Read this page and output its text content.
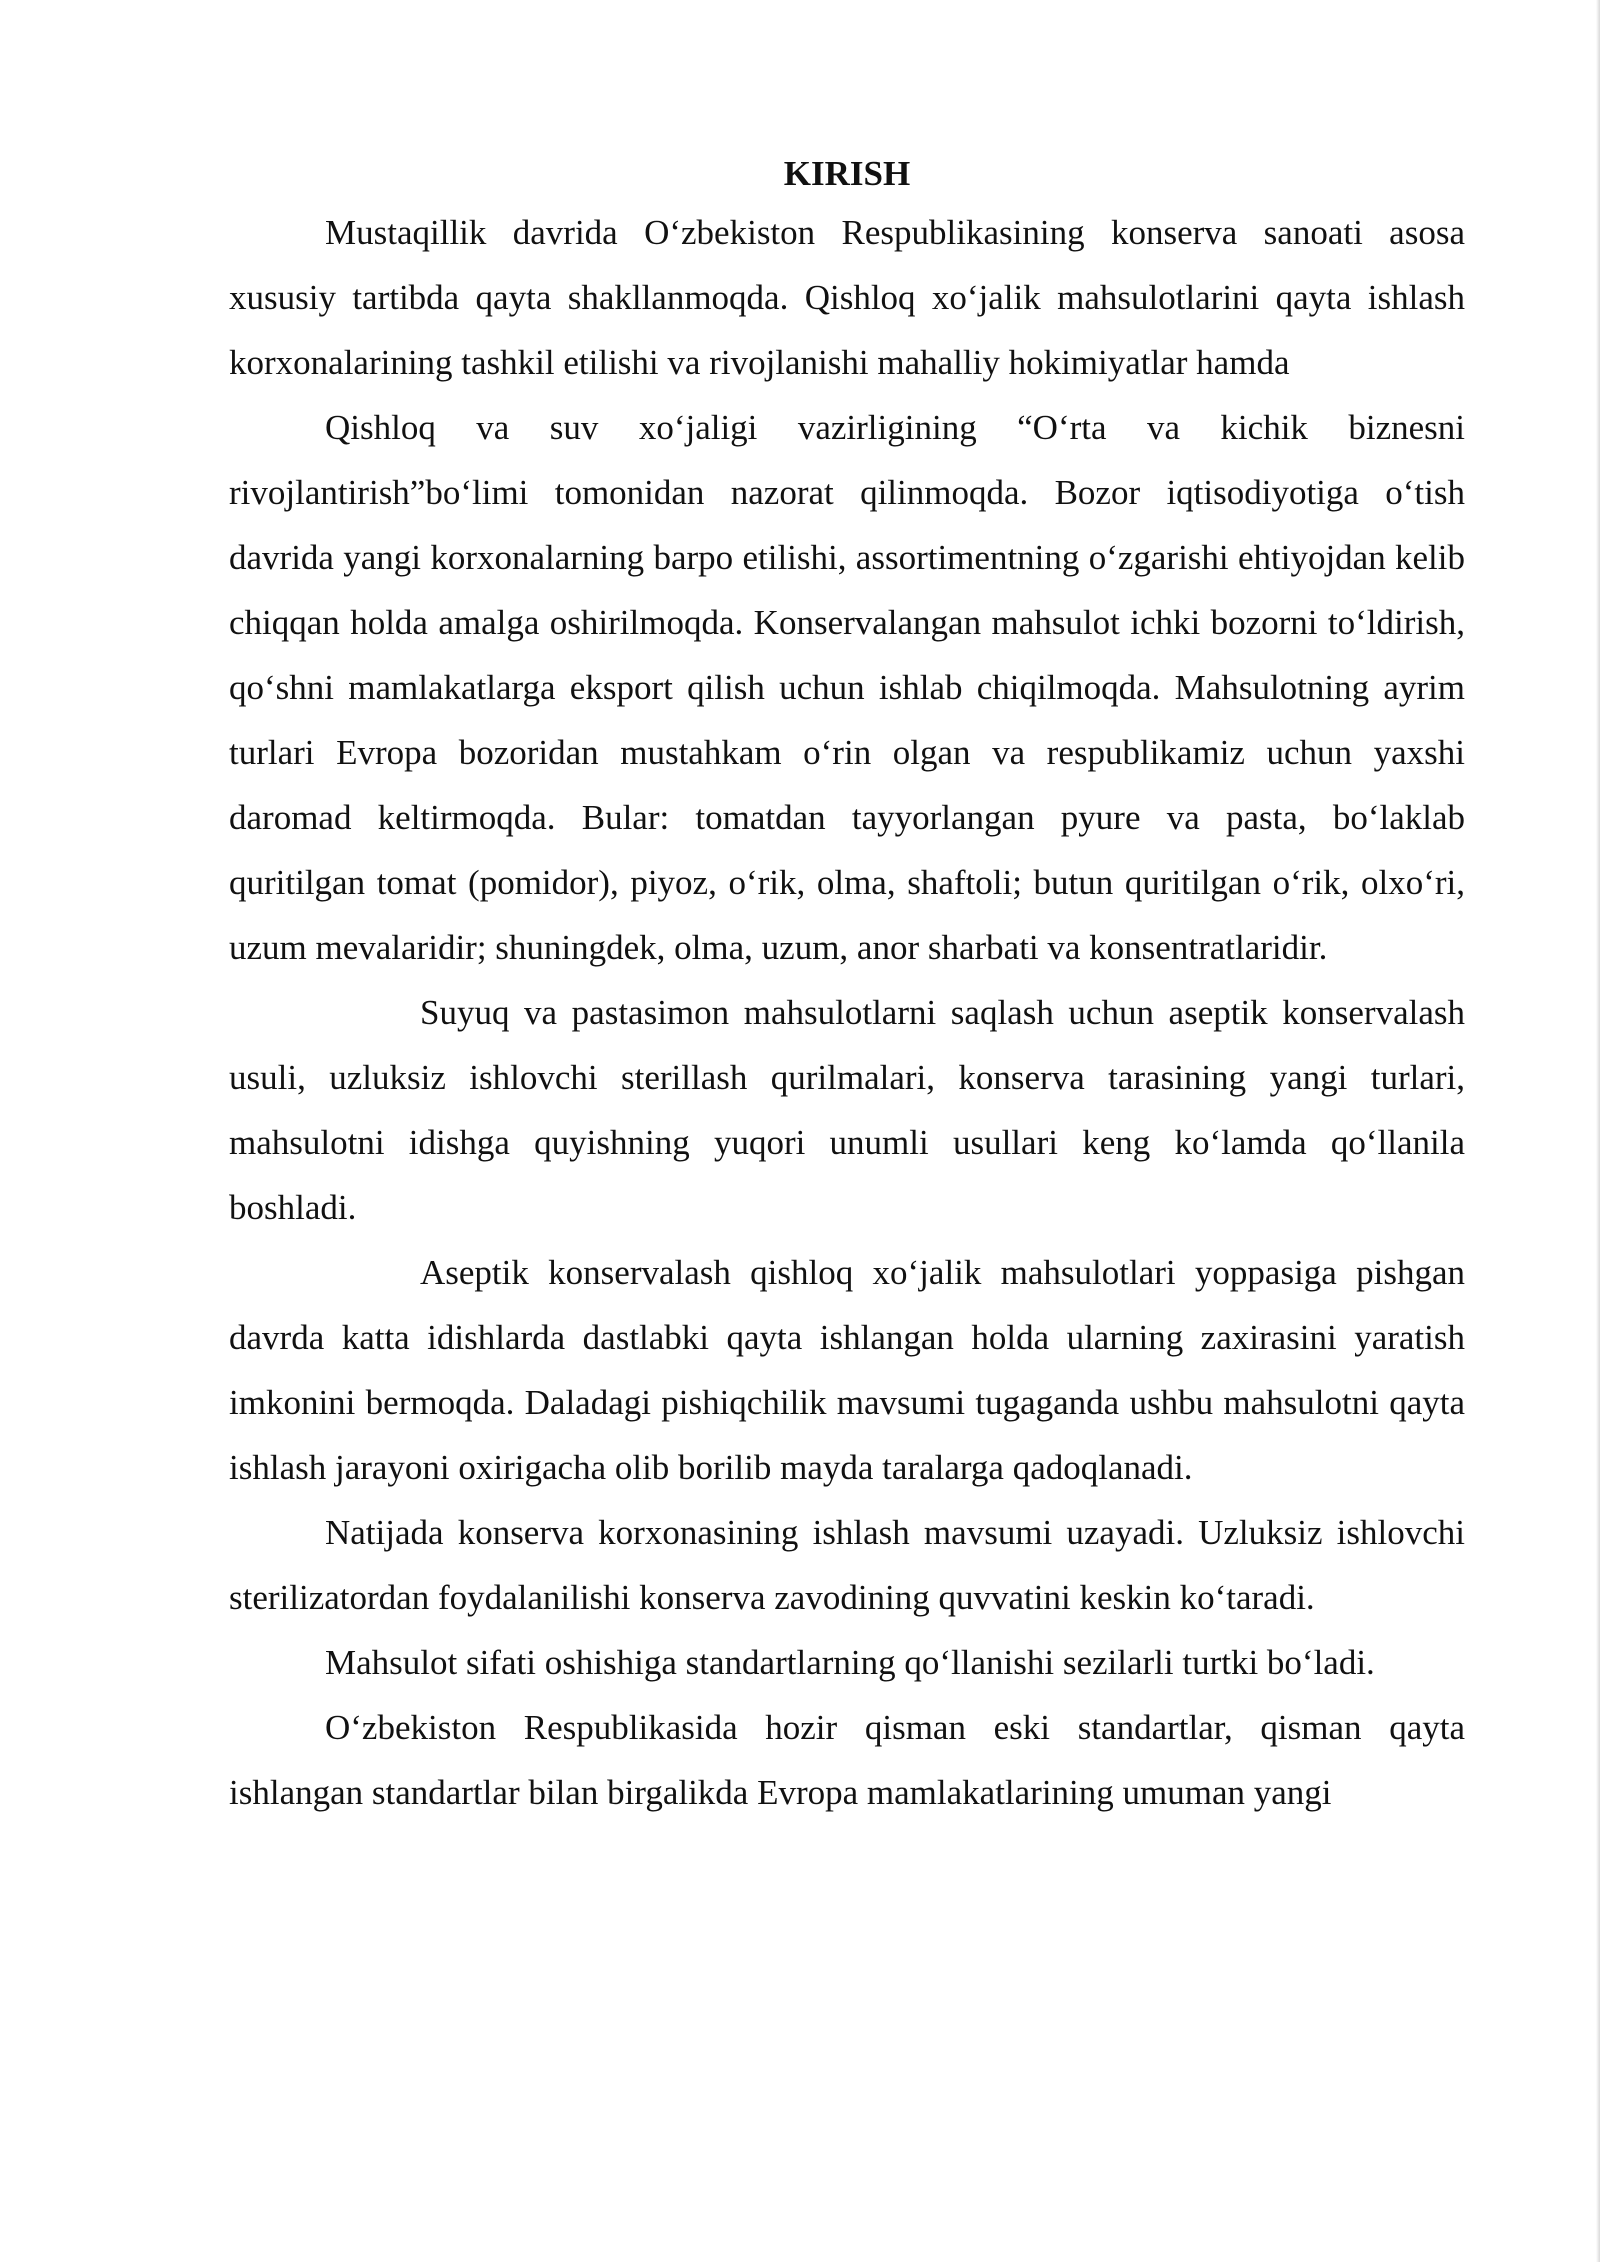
KIRISH

Mustaqillik davrida O‘zbekiston Respublikasining konserva sanoati asosa xususiy tartibda qayta shakllanmoqda. Qishloq xo‘jalik mahsulotlarini qayta ishlash korxonalarining tashkil etilishi va rivojlanishi mahalliy hokimiyatlar hamda

Qishloq va suv xo‘jaligi vazirligining “O‘rta va kichik biznesni rivojlantirish”bo‘limi tomonidan nazorat qilinmoqda. Bozor iqtisodiyotiga o‘tish davrida yangi korxonalarning barpo etilishi, assortimentning o‘zgarishi ehtiyojdan kelib chiqqan holda amalga oshirilmoqda. Konservalangan mahsulot ichki bozorni to‘ldirish, qo‘shni mamlakatlarga eksport qilish uchun ishlab chiqilmoqda. Mahsulotning ayrim turlari Evropa bozoridan mustahkam o‘rin olgan va respublikamiz uchun yaxshi daromad keltirmoqda. Bular: tomatdan tayyorlangan pyure va pasta, bo‘laklab quritilgan tomat (pomidor), piyoz, o‘rik, olma, shaftoli; butun quritilgan o‘rik, olxo‘ri, uzum mevalaridir; shuningdek, olma, uzum, anor sharbati va konsentratlaridir.

Suyuq va pastasimon mahsulotlarni saqlash uchun aseptik konservalash usuli, uzluksiz ishlovchi sterillash qurilmalari, konserva tarasining yangi turlari, mahsulotni idishga quyishning yuqori unumli usullari keng ko‘lamda qo‘llanila boshladi.

Aseptik konservalash qishloq xo‘jalik mahsulotlari yoppasiga pishgan davrda katta idishlarda dastlabki qayta ishlangan holda ularning zaxirasini yaratish imkonini bermoqda. Daladagi pishiqchilik mavsumi tugaganda ushbu mahsulotni qayta ishlash jarayoni oxirigacha olib borilib mayda taralarga qadoqlanadi.

Natijada konserva korxonasining ishlash mavsumi uzayadi. Uzluksiz ishlovchi sterilizatordan foydalanilishi konserva zavodining quvvatini keskin ko‘taradi.

Mahsulot sifati oshishiga standartlarning qo‘llanishi sezilarli turtki bo‘ladi.

O‘zbekiston Respublikasida hozir qisman eski standartlar, qisman qayta ishlangan standartlar bilan birgalikda Evropa mamlakatlarining umuman yangi
